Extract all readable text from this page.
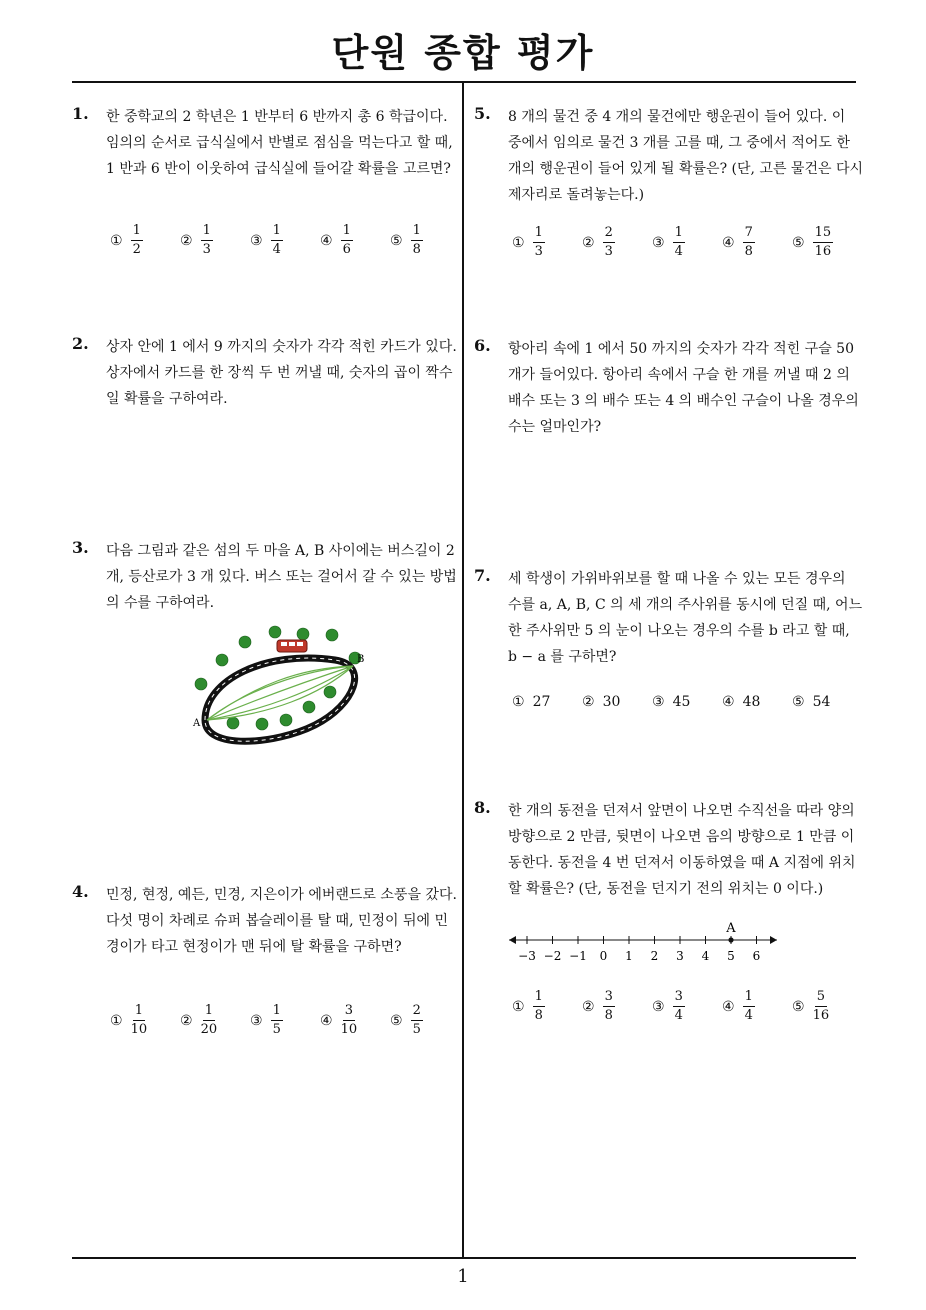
단원 종합 평가
1. 한 중학교의 2 학년은 1 반부터 6 반까지 총 6 학급이다. 임의의 순서로 급식실에서 반별로 점심을 먹는다고 할 때, 1 반과 6 반이 이웃하여 급식실에 들어갈 확률을 고르면?
① $\frac{1}{2}$	② $\frac{1}{3}$	③ $\frac{1}{4}$	④ $\frac{1}{6}$	⑤ $\frac{1}{8}$
2. 상자 안에 1 에서 9 까지의 숫자가 각각 적힌 카드가 있다. 상자에서 카드를 한 장씩 두 번 꺼낼 때, 숫자의 곱이 짝수일 확률을 구하여라.
3. 다음 그림과 같은 섬의 두 마을 A, B 사이에는 버스길이 2 개, 등산로가 3 개 있다. 버스 또는 걸어서 갈 수 있는 방법의 수를 구하여라.
A
B
4. 민정, 현정, 예든, 민경, 지은이가 에버랜드로 소풍을 갔다. 다섯 명이 차례로 슈퍼 봅슬레이를 탈 때, 민정이 뒤에 민경이가 타고 현정이가 맨 뒤에 탈 확률을 구하면?
① $\frac{1}{10}$ ② $\frac{1}{20}$ ③ $\frac{1}{5}$	④ $\frac{3}{10}$ ⑤ $\frac{2}{5}$
5. 8 개의 물건 중 4 개의 물건에만 행운권이 들어 있다. 이 중에서 임의로 물건 3 개를 고를 때, 그 중에서 적어도 한 개의 행운권이 들어 있게 될 확률은? (단, 고른 물건은 다시 제자리로 돌려놓는다.)
① $\frac{1}{3}$	② $\frac{2}{3}$	③ $\frac{1}{4}$	④ $\frac{7}{8}$	⑤ $\frac{15}{16}$
6. 항아리 속에 1 에서 50 까지의 숫자가 각각 적힌 구슬 50 개가 들어있다. 항아리 속에서 구슬 한 개를 꺼낼 때 2 의 배수 또는 3 의 배수 또는 4 의 배수인 구슬이 나올 경우의 수는 얼마인가?
7. 세 학생이 가위바위보를 할 때 나올 수 있는 모든 경우의 수를 a, A, B, C 의 세 개의 주사위를 동시에 던질 때, 어느 한 주사위만 5 의 눈이 나오는 경우의 수를 b 라고 할 때, b − a 를 구하면?
① 27 ② 30 ③ 45 ④ 48 ⑤ 54
8. 한 개의 동전을 던져서 앞면이 나오면 수직선을 따라 양의 방향으로 2 만큼, 뒷면이 나오면 음의 방향으로 1 만큼 이동한다. 동전을 4 번 던져서 이동하였을 때 A 지점에 위치할 확률은? (단, 동전을 던지기 전의 위치는 0 이다.)
−3 −2 −1 0 1 2 3 4 5 6
A
① $\frac{1}{8}$	② $\frac{3}{8}$	③ $\frac{3}{4}$	④ $\frac{1}{4}$	⑤ $\frac{5}{16}$
1
